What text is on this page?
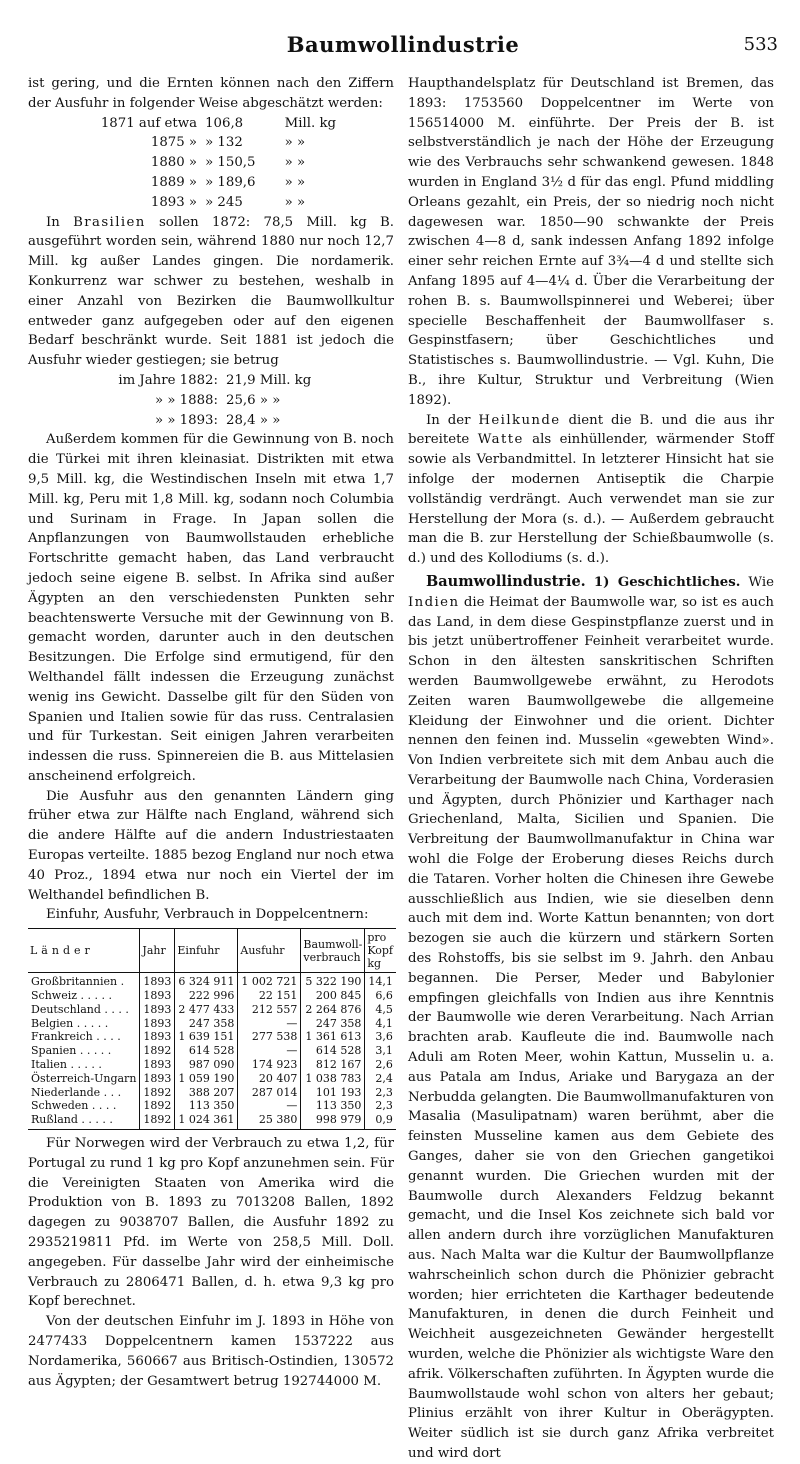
Baumwollindustrie	533

ist gering, und die Ernten können nach den Ziffern der Ausfuhr in folgender Weise abgeschätzt werden:

1871 auf etwa 106,8	Mill. kg
1875 » » 132	» »
1880 » » 150,5	» »
1889 » » 189,6	» »
1893 » » 245	» »

In Brasilien sollen 1872: 78,5 Mill. kg B. ausgeführt worden sein, während 1880 nur noch 12,7 Mill. kg außer Landes gingen. Die nordamerik. Konkurrenz war schwer zu bestehen, weshalb in einer Anzahl von Bezirken die Baumwollkultur entweder ganz aufgegeben oder auf den eigenen Bedarf beschränkt wurde. Seit 1881 ist jedoch die Ausfuhr wieder gestiegen; sie betrug

im Jahre 1882: 21,9 Mill. kg
» » 1888: 25,6 » »
» » 1893: 28,4 » »

Außerdem kommen für die Gewinnung von B. noch die Türkei mit ihren kleinasiat. Distrikten mit etwa 9,5 Mill. kg, die Westindischen Inseln mit etwa 1,7 Mill. kg, Peru mit 1,8 Mill. kg, sodann noch Columbia und Surinam in Frage. In Japan sollen die Anpflanzungen von Baumwollstauden erhebliche Fortschritte gemacht haben, das Land verbraucht jedoch seine eigene B. selbst. In Afrika sind außer Ägypten an den verschiedensten Punkten sehr beachtenswerte Versuche mit der Gewinnung von B. gemacht worden, darunter auch in den deutschen Besitzungen. Die Erfolge sind ermutigend, für den Welthandel fällt indessen die Erzeugung zunächst wenig ins Gewicht. Dasselbe gilt für den Süden von Spanien und Italien sowie für das russ. Centralasien und für Turkestan. Seit einigen Jahren verarbeiten indessen die russ. Spinnereien die B. aus Mittelasien anscheinend erfolgreich.

Die Ausfuhr aus den genannten Ländern ging früher etwa zur Hälfte nach England, während sich die andere Hälfte auf die andern Industriestaaten Europas verteilte. 1885 bezog England nur noch etwa 40 Proz., 1894 etwa nur noch ein Viertel der im Welthandel befindlichen B.

Einfuhr, Ausfuhr, Verbrauch in Doppelcentnern:

Länder	Jahr	Einfuhr	Ausfuhr	Baumwoll-verbrauch	pro Kopf kg
Großbritannien .	1893	6 324 911	1 002 721	5 322 190	14,1
Schweiz . . . . .	1893	222 996	22 151	200 845	6,6
Deutschland . . . .	1893	2 477 433	212 557	2 264 876	4,5
Belgien . . . . .	1893	247 358	—	247 358	4,1
Frankreich . . . .	1893	1 639 151	277 538	1 361 613	3,6
Spanien . . . . .	1892	614 528	—	614 528	3,1
Italien . . . . .	1893	987 090	174 923	812 167	2,6
Österreich-Ungarn	1893	1 059 190	20 407	1 038 783	2,4
Niederlande . . .	1892	388 207	287 014	101 193	2,3
Schweden . . . .	1892	113 350	—	113 350	2,3
Rußland . . . . .	1892	1 024 361	25 380	998 979	0,9

Für Norwegen wird der Verbrauch zu etwa 1,2, für Portugal zu rund 1 kg pro Kopf anzunehmen sein. Für die Vereinigten Staaten von Amerika wird die Produktion von B. 1893 zu 7013208 Ballen, 1892 dagegen zu 9038707 Ballen, die Ausfuhr 1892 zu 2935219811 Pfd. im Werte von 258,5 Mill. Doll. angegeben. Für dasselbe Jahr wird der einheimische Verbrauch zu 2806471 Ballen, d. h. etwa 9,3 kg pro Kopf berechnet.

Von der deutschen Einfuhr im J. 1893 in Höhe von 2477433 Doppelcentnern kamen 1537222 aus Nordamerika, 560667 aus Britisch-Ostindien, 130572 aus Ägypten; der Gesamtwert betrug 192744000 M.

Haupthandelsplatz für Deutschland ist Bremen, das 1893: 1753560 Doppelcentner im Werte von 156514000 M. einführte. Der Preis der B. ist selbstverständlich je nach der Höhe der Erzeugung wie des Verbrauchs sehr schwankend gewesen. 1848 wurden in England 3½ d für das engl. Pfund middling Orleans gezahlt, ein Preis, der so niedrig noch nicht dagewesen war. 1850—90 schwankte der Preis zwischen 4—8 d, sank indessen Anfang 1892 infolge einer sehr reichen Ernte auf 3¾—4 d und stellte sich Anfang 1895 auf 4—4¼ d. Über die Verarbeitung der rohen B. s. Baumwollspinnerei und Weberei; über specielle Beschaffenheit der Baumwollfaser s. Gespinstfasern; über Geschichtliches und Statistisches s. Baumwollindustrie. — Vgl. Kuhn, Die B., ihre Kultur, Struktur und Verbreitung (Wien 1892).

In der Heilkunde dient die B. und die aus ihr bereitete Watte als einhüllender, wärmender Stoff sowie als Verbandmittel. In letzterer Hinsicht hat sie infolge der modernen Antiseptik die Charpie vollständig verdrängt. Auch verwendet man sie zur Herstellung der Mora (s. d.). — Außerdem gebraucht man die B. zur Herstellung der Schießbaumwolle (s. d.) und des Kollodiums (s. d.).

Baumwollindustrie. 1) Geschichtliches. Wie Indien die Heimat der Baumwolle war, so ist es auch das Land, in dem diese Gespinstpflanze zuerst und in bis jetzt unübertroffener Feinheit verarbeitet wurde. Schon in den ältesten sanskritischen Schriften werden Baumwollgewebe erwähnt, zu Herodots Zeiten waren Baumwollgewebe die allgemeine Kleidung der Einwohner und die orient. Dichter nennen den feinen ind. Musselin «gewebten Wind». Von Indien verbreitete sich mit dem Anbau auch die Verarbeitung der Baumwolle nach China, Vorderasien und Ägypten, durch Phönizier und Karthager nach Griechenland, Malta, Sicilien und Spanien. Die Verbreitung der Baumwollmanufaktur in China war wohl die Folge der Eroberung dieses Reichs durch die Tataren. Vorher holten die Chinesen ihre Gewebe ausschließlich aus Indien, wie sie dieselben denn auch mit dem ind. Worte Kattun benannten; von dort bezogen sie auch die kürzern und stärkern Sorten des Rohstoffs, bis sie selbst im 9. Jahrh. den Anbau begannen. Die Perser, Meder und Babylonier empfingen gleichfalls von Indien aus ihre Kenntnis der Baumwolle wie deren Verarbeitung. Nach Arrian brachten arab. Kaufleute die ind. Baumwolle nach Aduli am Roten Meer, wohin Kattun, Musselin u. a. aus Patala am Indus, Ariake und Barygaza an der Nerbudda gelangten. Die Baumwollmanufakturen von Masalia (Masulipatnam) waren berühmt, aber die feinsten Musseline kamen aus dem Gebiete des Ganges, daher sie von den Griechen gangetikoi genannt wurden. Die Griechen wurden mit der Baumwolle durch Alexanders Feldzug bekannt gemacht, und die Insel Kos zeichnete sich bald vor allen andern durch ihre vorzüglichen Manufakturen aus. Nach Malta war die Kultur der Baumwollpflanze wahrscheinlich schon durch die Phönizier gebracht worden; hier errichteten die Karthager bedeutende Manufakturen, in denen die durch Feinheit und Weichheit ausgezeichneten Gewänder hergestellt wurden, welche die Phönizier als wichtigste Ware den afrik. Völkerschaften zuführten. In Ägypten wurde die Baumwollstaude wohl schon von alters her gebaut; Plinius erzählt von ihrer Kultur in Oberägypten. Weiter südlich ist sie durch ganz Afrika verbreitet und wird dort
